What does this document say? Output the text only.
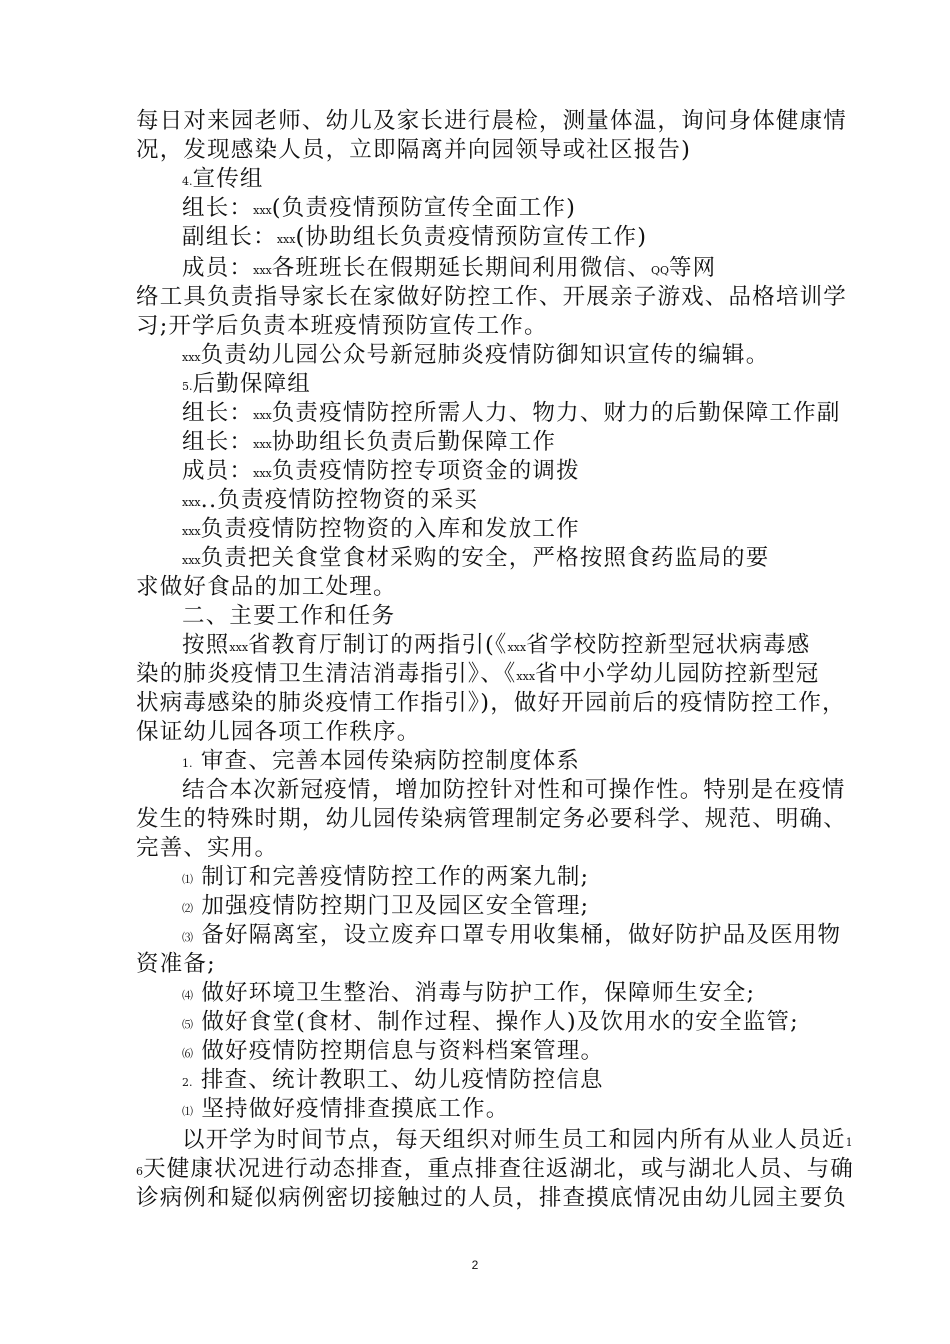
每日对来园老师、幼儿及家长进行晨检，测量体温，询问身体健康情
况，发现感染人员，立即隔离并向园领导或社区报告)
4.宣传组
组长：xxx(负责疫情预防宣传全面工作)
副组长：xxx(协助组长负责疫情预防宣传工作)
成员：xxx各班班长在假期延长期间利用微信、QQ等网
络工具负责指导家长在家做好防控工作、开展亲子游戏、品格培训学
习;开学后负责本班疫情预防宣传工作。
xxx负责幼儿园公众号新冠肺炎疫情防御知识宣传的编辑。
5.后勤保障组
组长：xxx负责疫情防控所需人力、物力、财力的后勤保障工作副
组长：xxx协助组长负责后勤保障工作
成员：xxx负责疫情防控专项资金的调拨
xxx..负责疫情防控物资的采买
xxx负责疫情防控物资的入库和发放工作
xxx负责把关食堂食材采购的安全，严格按照食药监局的要
求做好食品的加工处理。
二、主要工作和任务
按照xxx省教育厅制订的两指引(《xxx省学校防控新型冠状病毒感
染的肺炎疫情卫生清洁消毒指引》、《xxx省中小学幼儿园防控新型冠
状病毒感染的肺炎疫情工作指引》)，做好开园前后的疫情防控工作，
保证幼儿园各项工作秩序。
1. 审查、完善本园传染病防控制度体系
结合本次新冠疫情，增加防控针对性和可操作性。特别是在疫情
发生的特殊时期，幼儿园传染病管理制定务必要科学、规范、明确、
完善、实用。
⑴ 制订和完善疫情防控工作的两案九制;
⑵ 加强疫情防控期门卫及园区安全管理;
⑶ 备好隔离室，设立废弃口罩专用收集桶，做好防护品及医用物
资准备;
⑷ 做好环境卫生整治、消毒与防护工作，保障师生安全;
⑸ 做好食堂(食材、制作过程、操作人)及饮用水的安全监管;
⑹ 做好疫情防控期信息与资料档案管理。
2. 排查、统计教职工、幼儿疫情防控信息
⑴ 坚持做好疫情排查摸底工作。
以开学为时间节点，每天组织对师生员工和园内所有从业人员近1
6天健康状况进行动态排查，重点排查往返湖北，或与湖北人员、与确
诊病例和疑似病例密切接触过的人员，排查摸底情况由幼儿园主要负
2
